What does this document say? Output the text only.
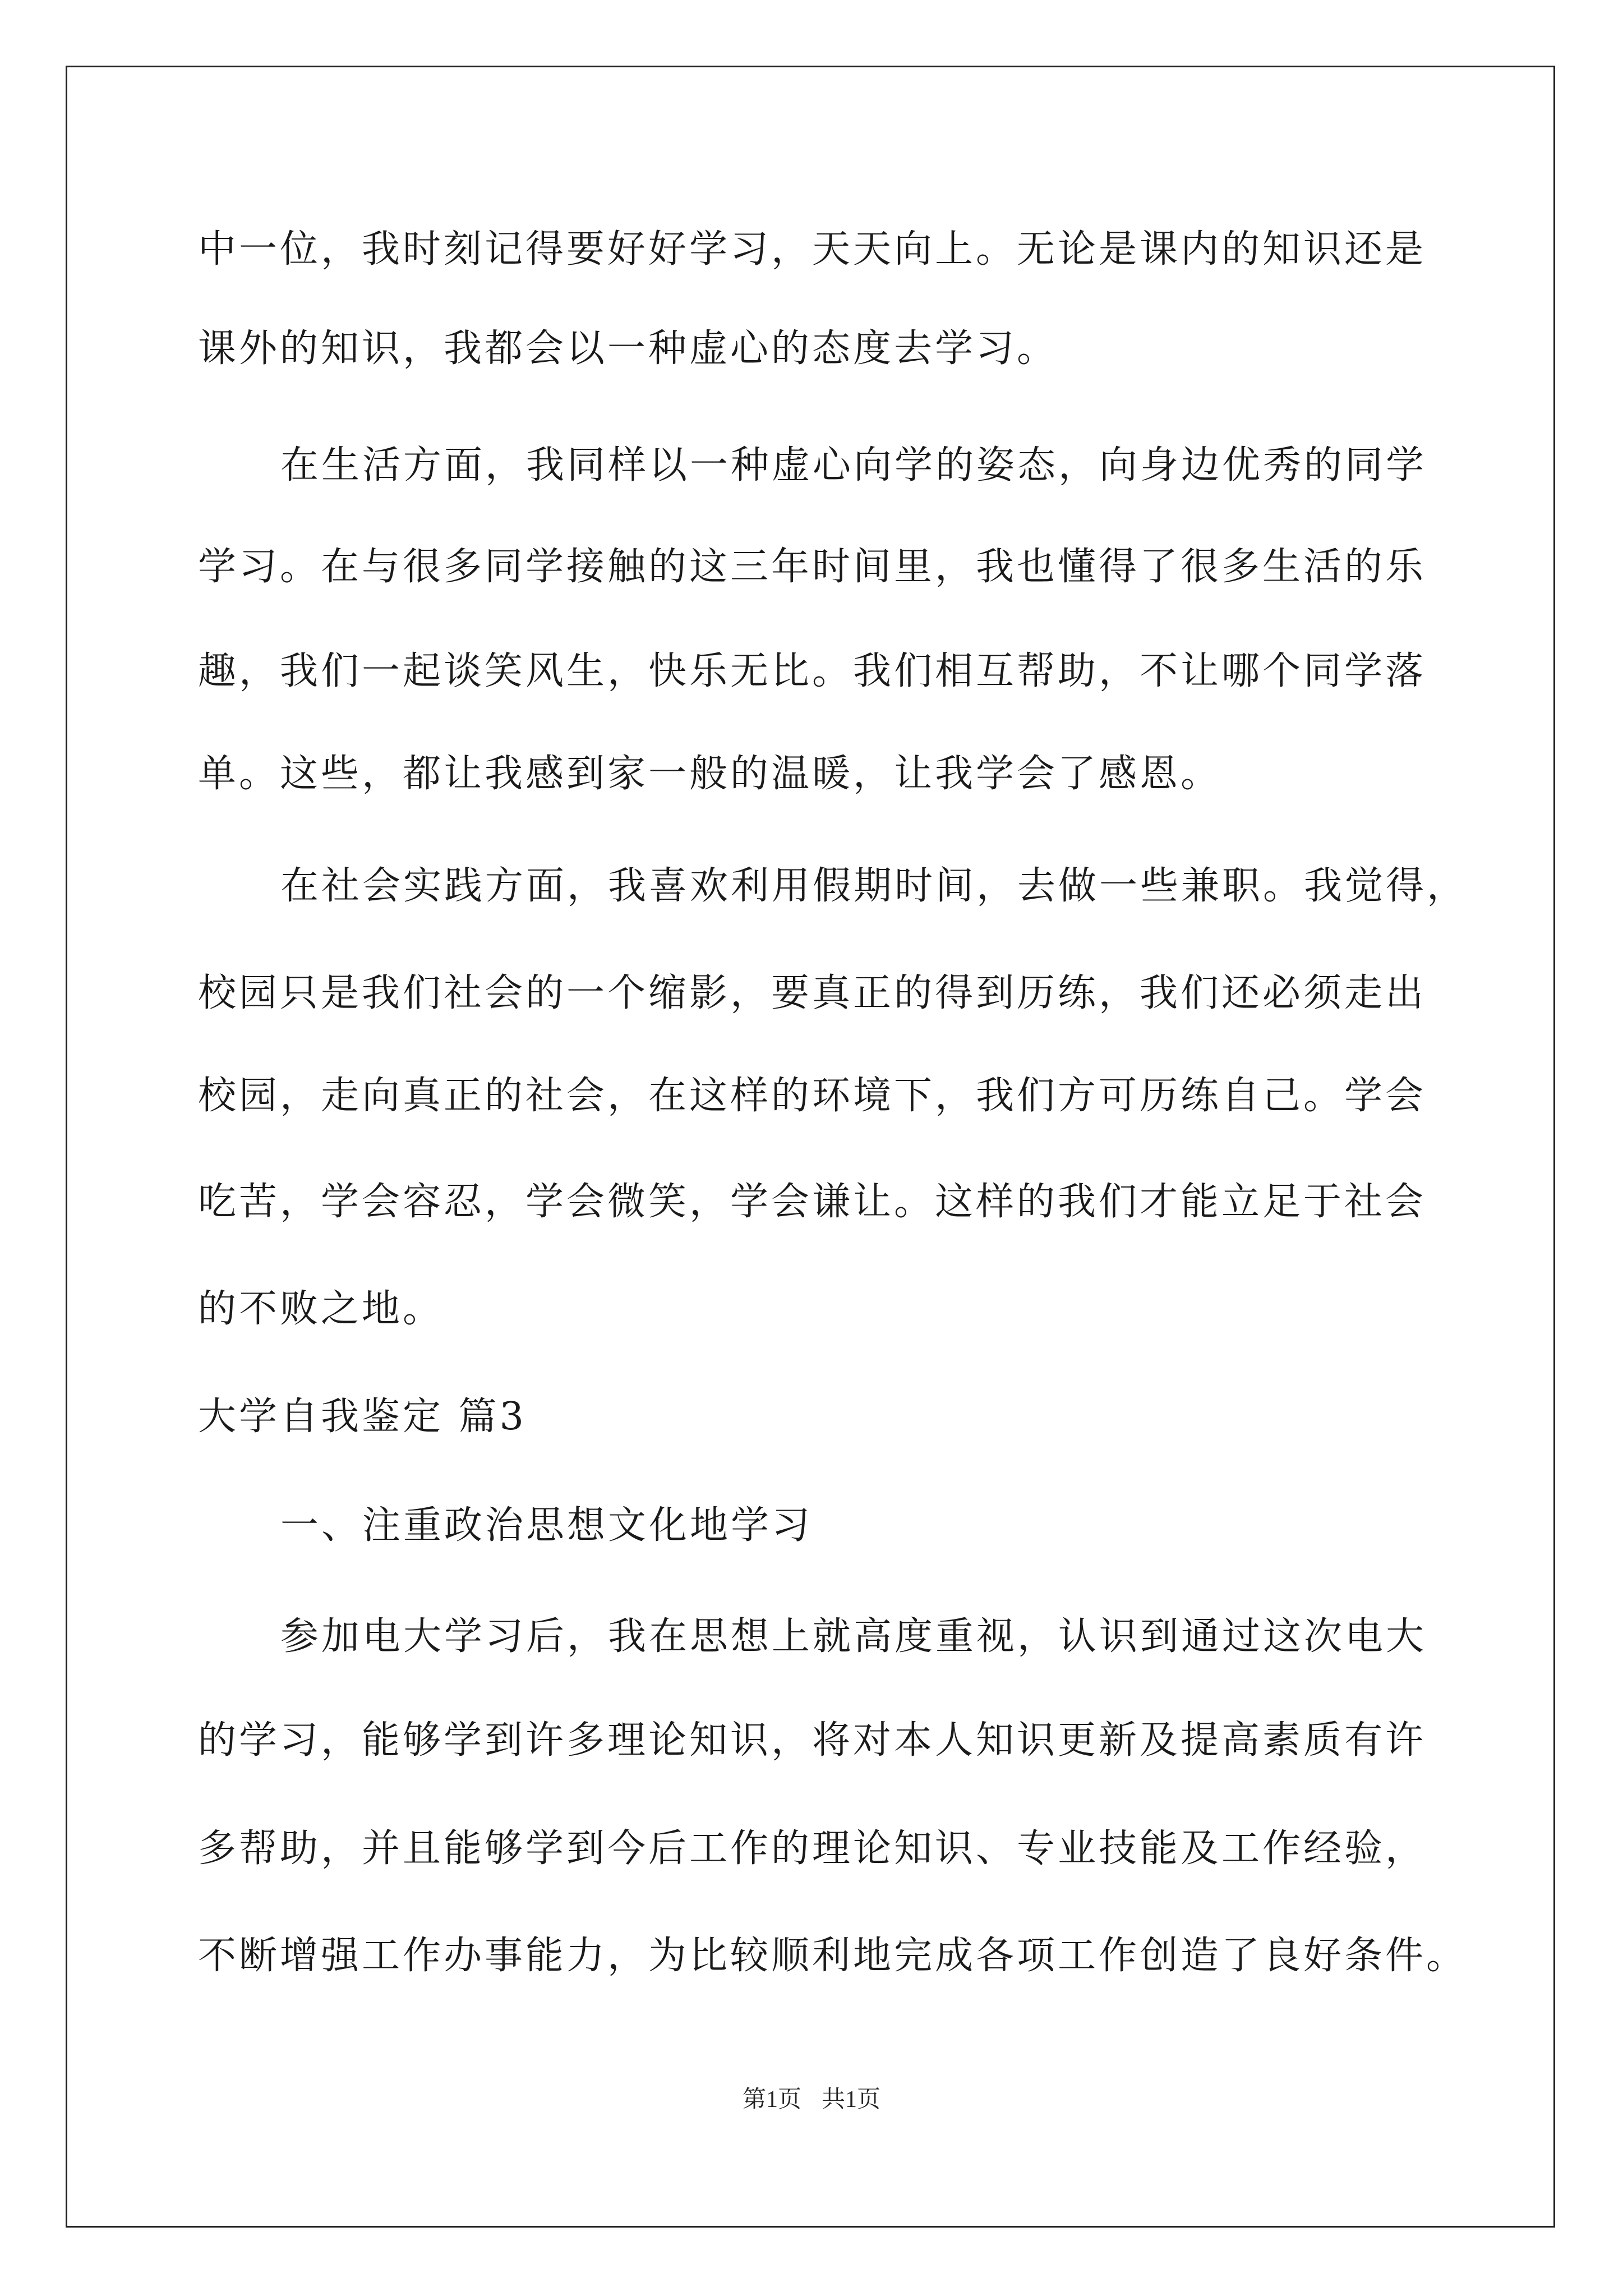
中一位，我时刻记得要好好学习，天天向上。无论是课内的知识还是
课外的知识，我都会以一种虚心的态度去学习。
在生活方面，我同样以一种虚心向学的姿态，向身边优秀的同学
学习。在与很多同学接触的这三年时间里，我也懂得了很多生活的乐
趣，我们一起谈笑风生，快乐无比。我们相互帮助，不让哪个同学落
单。这些，都让我感到家一般的温暖，让我学会了感恩。
在社会实践方面，我喜欢利用假期时间，去做一些兼职。我觉得，
校园只是我们社会的一个缩影，要真正的得到历练，我们还必须走出
校园，走向真正的社会，在这样的环境下，我们方可历练自己。学会
吃苦，学会容忍，学会微笑，学会谦让。这样的我们才能立足于社会
的不败之地。
大学自我鉴定 篇3
一、注重政治思想文化地学习
参加电大学习后，我在思想上就高度重视，认识到通过这次电大
的学习，能够学到许多理论知识，将对本人知识更新及提高素质有许
多帮助，并且能够学到今后工作的理论知识、专业技能及工作经验，
不断增强工作办事能力，为比较顺利地完成各项工作创造了良好条件。
第1页 共1页
